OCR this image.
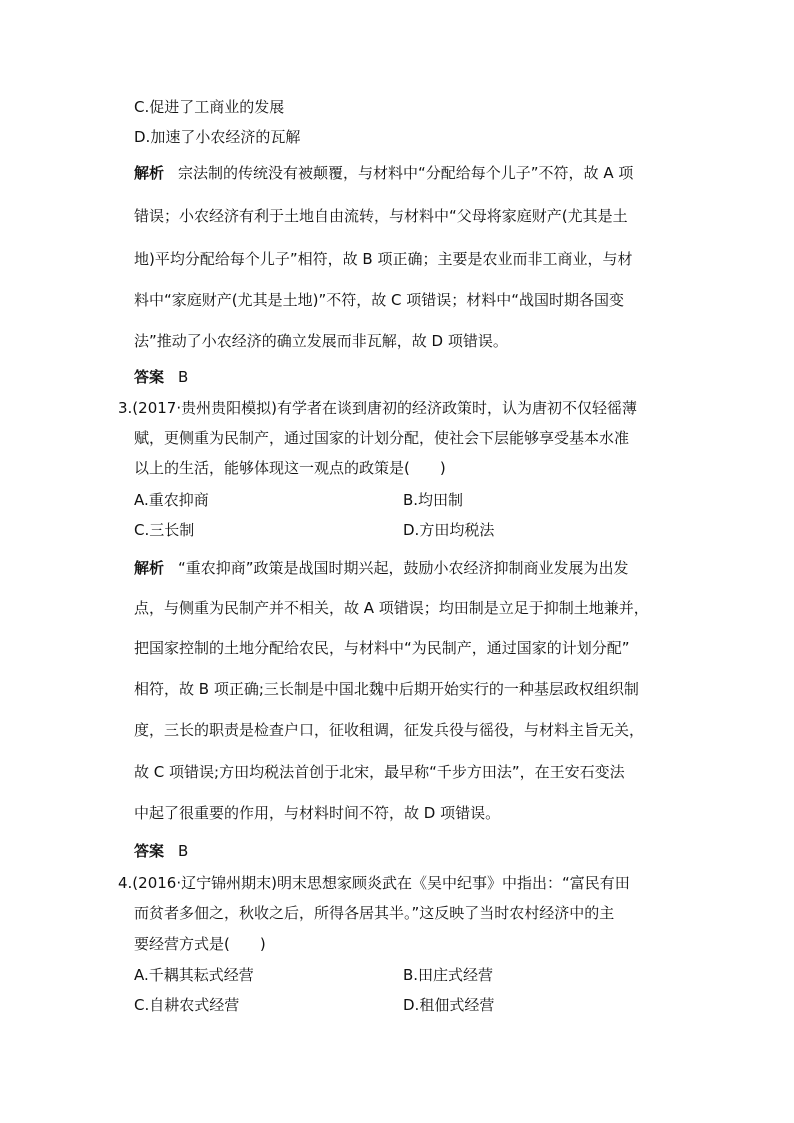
C.促进了工商业的发展
D.加速了小农经济的瓦解
解析 宗法制的传统没有被颠覆，与材料中“分配给每个儿子”不符，故 A 项
错误；小农经济有利于土地自由流转，与材料中“父母将家庭财产(尤其是土
地)平均分配给每个儿子”相符，故 B 项正确；主要是农业而非工商业，与材
料中“家庭财产(尤其是土地)”不符，故 C 项错误；材料中“战国时期各国变
法”推动了小农经济的确立发展而非瓦解，故 D 项错误。
答案 B
3.(2017·贵州贵阳模拟)有学者在谈到唐初的经济政策时，认为唐初不仅轻徭薄
赋，更侧重为民制产，通过国家的计划分配，使社会下层能够享受基本水准
以上的生活，能够体现这一观点的政策是(　　)
A.重农抑商	B.均田制
C.三长制	D.方田均税法
解析 “重农抑商”政策是战国时期兴起，鼓励小农经济抑制商业发展为出发
点，与侧重为民制产并不相关，故 A 项错误；均田制是立足于抑制土地兼并，
把国家控制的土地分配给农民，与材料中“为民制产，通过国家的计划分配”
相符，故 B 项正确;三长制是中国北魏中后期开始实行的一种基层政权组织制
度，三长的职责是检查户口，征收租调，征发兵役与徭役，与材料主旨无关，
故 C 项错误;方田均税法首创于北宋，最早称“千步方田法”，在王安石变法
中起了很重要的作用，与材料时间不符，故 D 项错误。
答案 B
4.(2016·辽宁锦州期末)明末思想家顾炎武在《吴中纪事》中指出：“富民有田
而贫者多佃之，秋收之后，所得各居其半。”这反映了当时农村经济中的主
要经营方式是(　　)
A.千耦其耘式经营	B.田庄式经营
C.自耕农式经营	D.租佃式经营
